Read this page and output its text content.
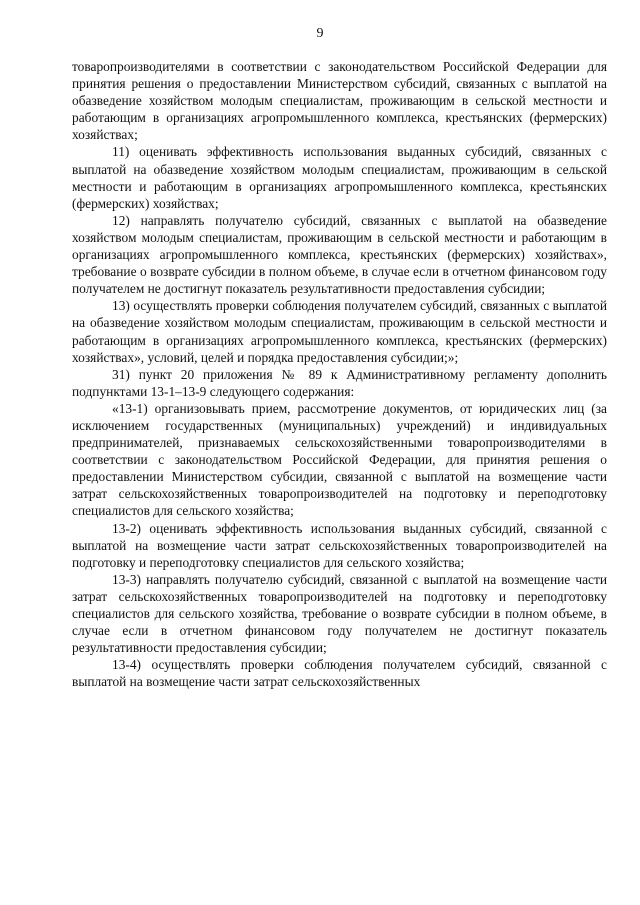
9

товаропроизводителями в соответствии с законодательством Российской Федерации для принятия решения о предоставлении Министерством субсидий, связанных с выплатой на обазведение хозяйством молодым специалистам, проживающим в сельской местности и работающим в организациях агропромышленного комплекса, крестьянских (фермерских) хозяйствах;

11) оценивать эффективность использования выданных субсидий, связанных с выплатой на обазведение хозяйством молодым специалистам, проживающим в сельской местности и работающим в организациях агропромышленного комплекса, крестьянских (фермерских) хозяйствах;

12) направлять получателю субсидий, связанных с выплатой на обазведение хозяйством молодым специалистам, проживающим в сельской местности и работающим в организациях агропромышленного комплекса, крестьянских (фермерских) хозяйствах», требование о возврате субсидии в полном объеме, в случае если в отчетном финансовом году получателем не достигнут показатель результативности предоставления субсидии;

13) осуществлять проверки соблюдения получателем субсидий, связанных с выплатой на обазведение хозяйством молодым специалистам, проживающим в сельской местности и работающим в организациях агропромышленного комплекса, крестьянских (фермерских) хозяйствах», условий, целей и порядка предоставления субсидии;»;

31) пункт 20 приложения № 89 к Административному регламенту дополнить подпунктами 13-1–13-9 следующего содержания:

«13-1) организовывать прием, рассмотрение документов, от юридических лиц (за исключением государственных (муниципальных) учреждений) и индивидуальных предпринимателей, признаваемых сельскохозяйственными товаропроизводителями в соответствии с законодательством Российской Федерации, для принятия решения о предоставлении Министерством субсидии, связанной с выплатой на возмещение части затрат сельскохозяйственных товаропроизводителей на подготовку и переподготовку специалистов для сельского хозяйства;

13-2) оценивать эффективность использования выданных субсидий, связанной с выплатой на возмещение части затрат сельскохозяйственных товаропроизводителей на подготовку и переподготовку специалистов для сельского хозяйства;

13-3) направлять получателю субсидий, связанной с выплатой на возмещение части затрат сельскохозяйственных товаропроизводителей на подготовку и переподготовку специалистов для сельского хозяйства, требование о возврате субсидии в полном объеме, в случае если в отчетном финансовом году получателем не достигнут показатель результативности предоставления субсидии;

13-4) осуществлять проверки соблюдения получателем субсидий, связанной с выплатой на возмещение части затрат сельскохозяйственных
